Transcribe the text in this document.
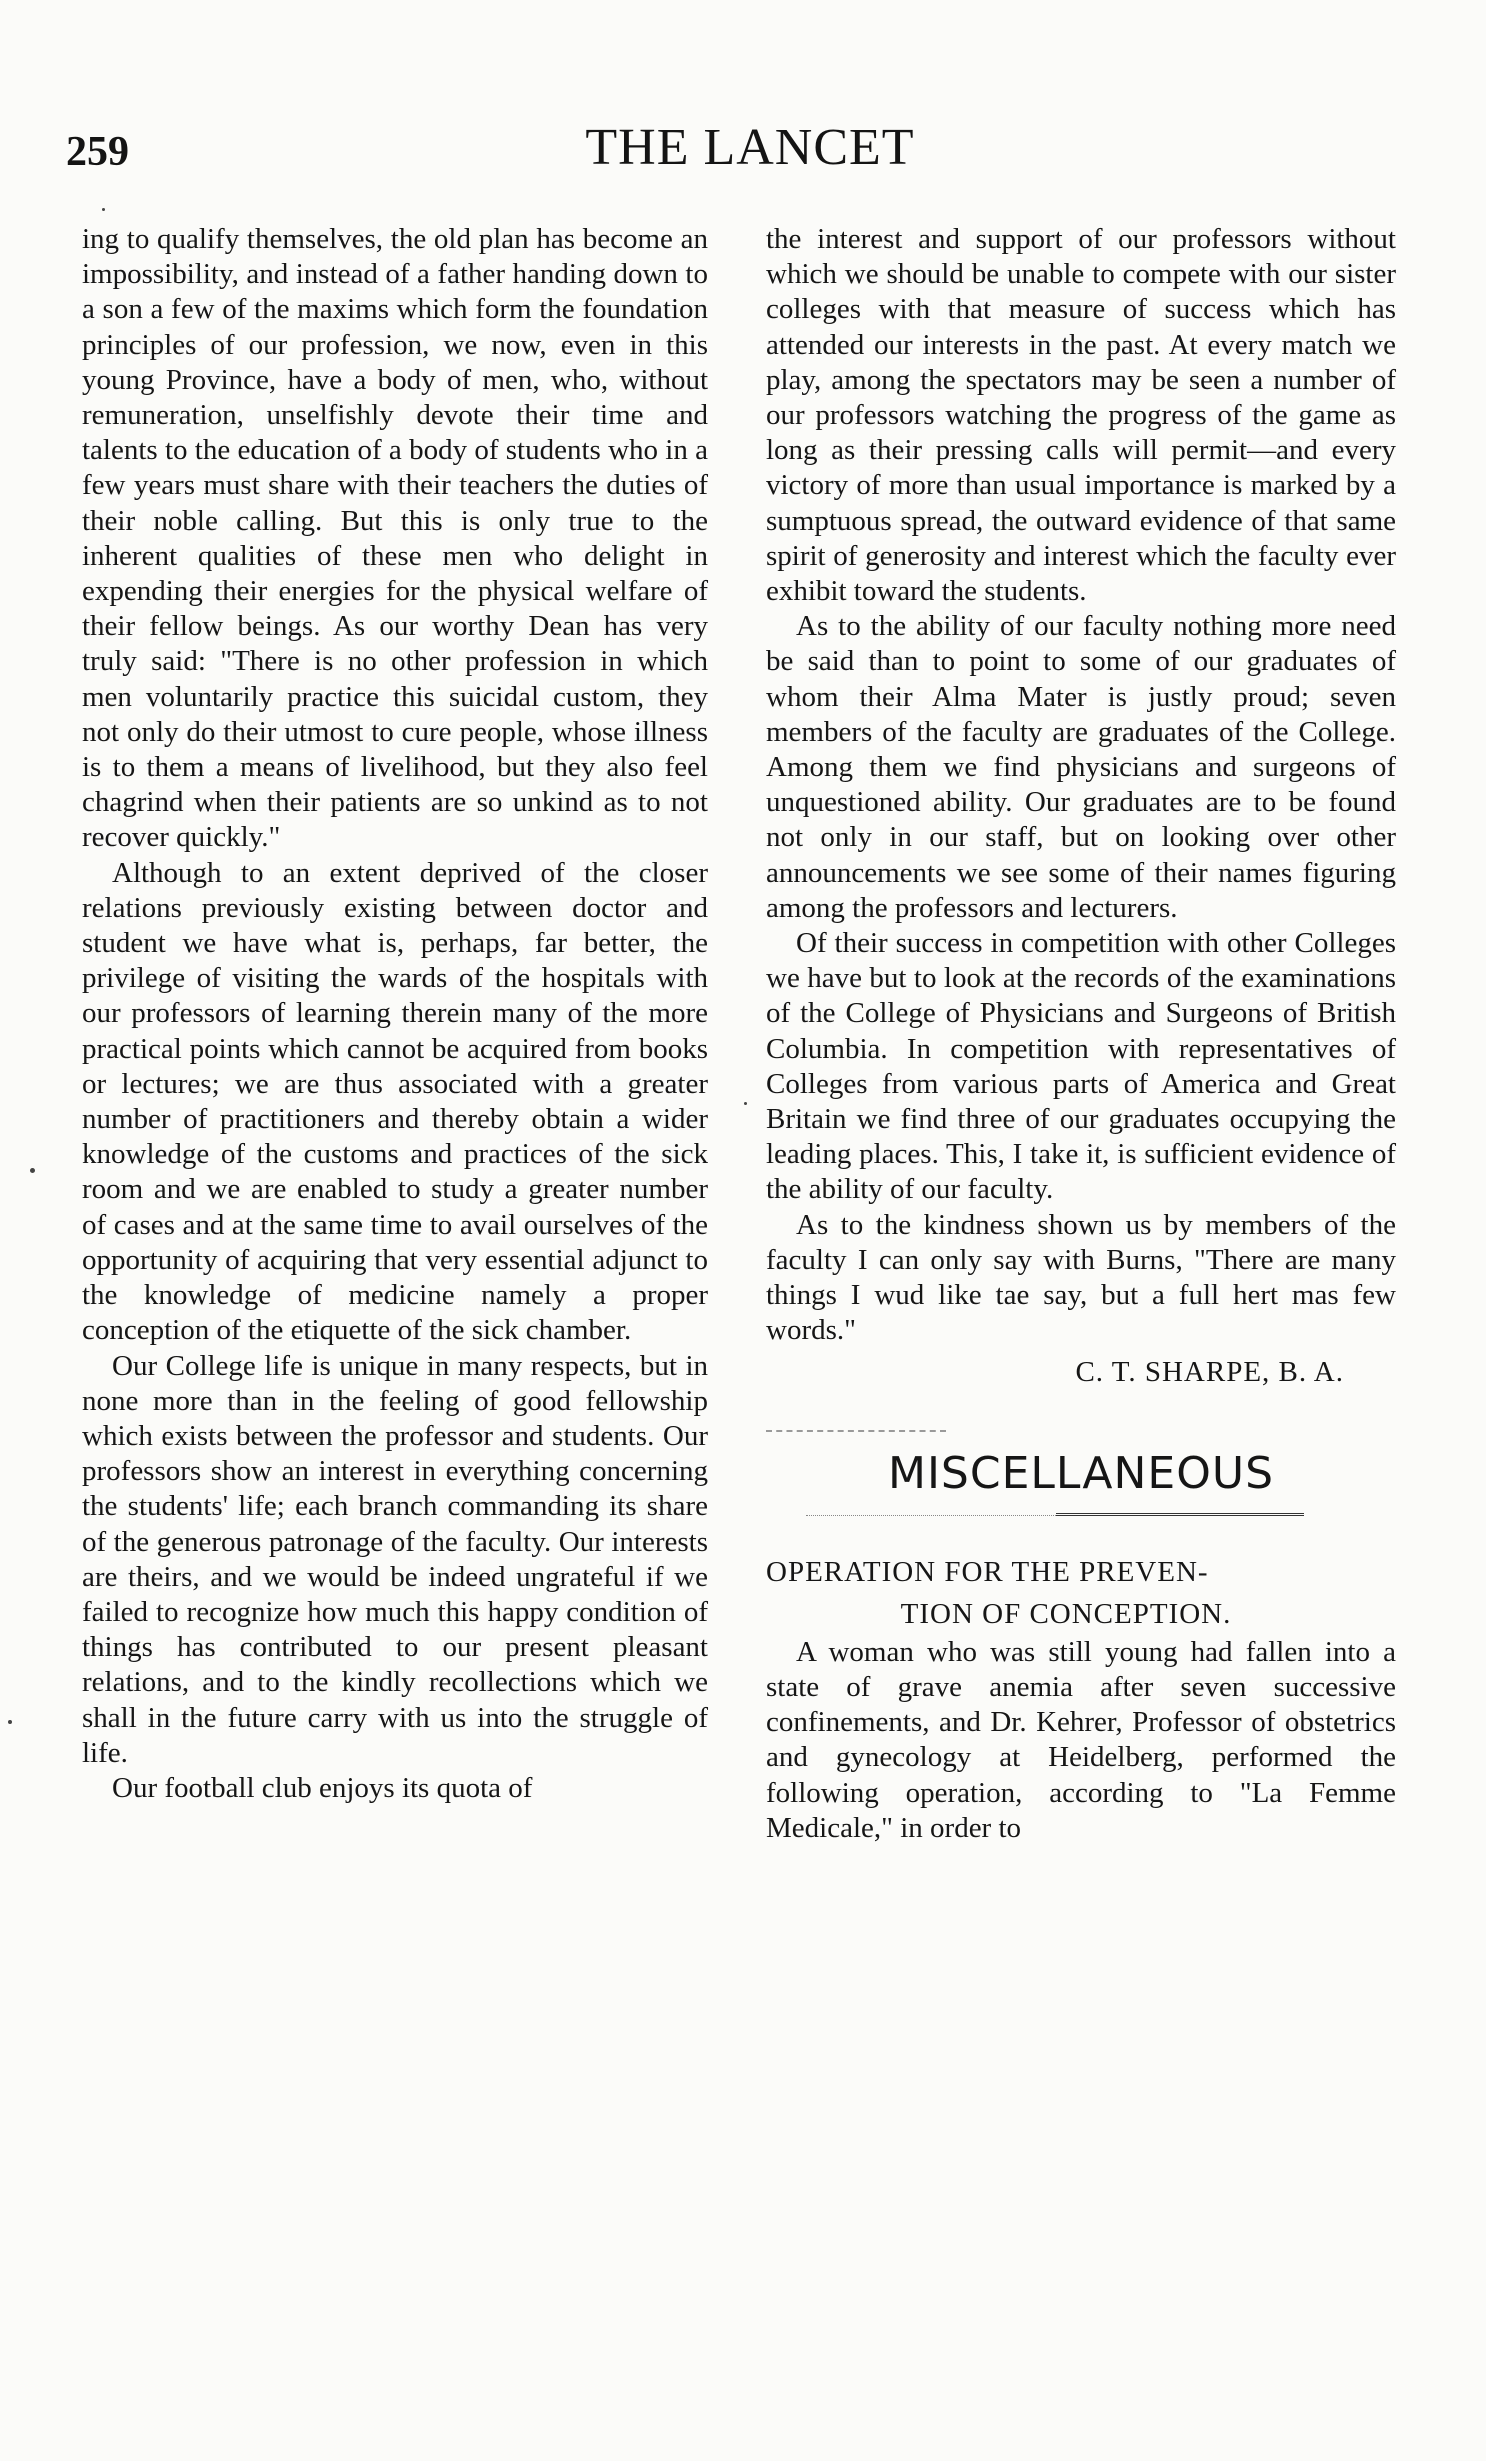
259	THE LANCET

ing to qualify themselves, the old plan has become an impossibility, and instead of a father handing down to a son a few of the maxims which form the foundation principles of our profession, we now, even in this young Province, have a body of men, who, without remuneration, unselfishly devote their time and talents to the education of a body of students who in a few years must share with their teachers the duties of their noble calling. But this is only true to the inherent qualities of these men who delight in expending their energies for the physical welfare of their fellow beings. As our worthy Dean has very truly said: "There is no other profession in which men voluntarily practice this suicidal custom, they not only do their utmost to cure people, whose illness is to them a means of livelihood, but they also feel chagrind when their patients are so unkind as to not recover quickly."

Although to an extent deprived of the closer relations previously existing between doctor and student we have what is, perhaps, far better, the privilege of visiting the wards of the hospitals with our professors of learning therein many of the more practical points which cannot be acquired from books or lectures; we are thus associated with a greater number of practitioners and thereby obtain a wider knowledge of the customs and practices of the sick room and we are enabled to study a greater number of cases and at the same time to avail ourselves of the opportunity of acquiring that very essential adjunct to the knowledge of medicine namely a proper conception of the etiquette of the sick chamber.

Our College life is unique in many respects, but in none more than in the feeling of good fellowship which exists between the professor and students. Our professors show an interest in everything concerning the students' life; each branch commanding its share of the generous patronage of the faculty. Our interests are theirs, and we would be indeed ungrateful if we failed to recognize how much this happy condition of things has contributed to our present pleasant relations, and to the kindly recollections which we shall in the future carry with us into the struggle of life.

Our football club enjoys its quota of

the interest and support of our professors without which we should be unable to compete with our sister colleges with that measure of success which has attended our interests in the past. At every match we play, among the spectators may be seen a number of our professors watching the progress of the game as long as their pressing calls will permit—and every victory of more than usual importance is marked by a sumptuous spread, the outward evidence of that same spirit of generosity and interest which the faculty ever exhibit toward the students.

As to the ability of our faculty nothing more need be said than to point to some of our graduates of whom their Alma Mater is justly proud; seven members of the faculty are graduates of the College. Among them we find physicians and surgeons of unquestioned ability. Our graduates are to be found not only in our staff, but on looking over other announcements we see some of their names figuring among the professors and lecturers.

Of their success in competition with other Colleges we have but to look at the records of the examinations of the College of Physicians and Surgeons of British Columbia. In competition with representatives of Colleges from various parts of America and Great Britain we find three of our graduates occupying the leading places. This, I take it, is sufficient evidence of the ability of our faculty.

As to the kindness shown us by members of the faculty I can only say with Burns, "There are many things I wud like tae say, but a full hert mas few words."

C. T. SHARPE, B. A.
MISCELLANEOUS
OPERATION FOR THE PREVEN-
TION OF CONCEPTION.

A woman who was still young had fallen into a state of grave anemia after seven successive confinements, and Dr. Kehrer, Professor of obstetrics and gynecology at Heidelberg, performed the following operation, according to "La Femme Medicale," in order to
